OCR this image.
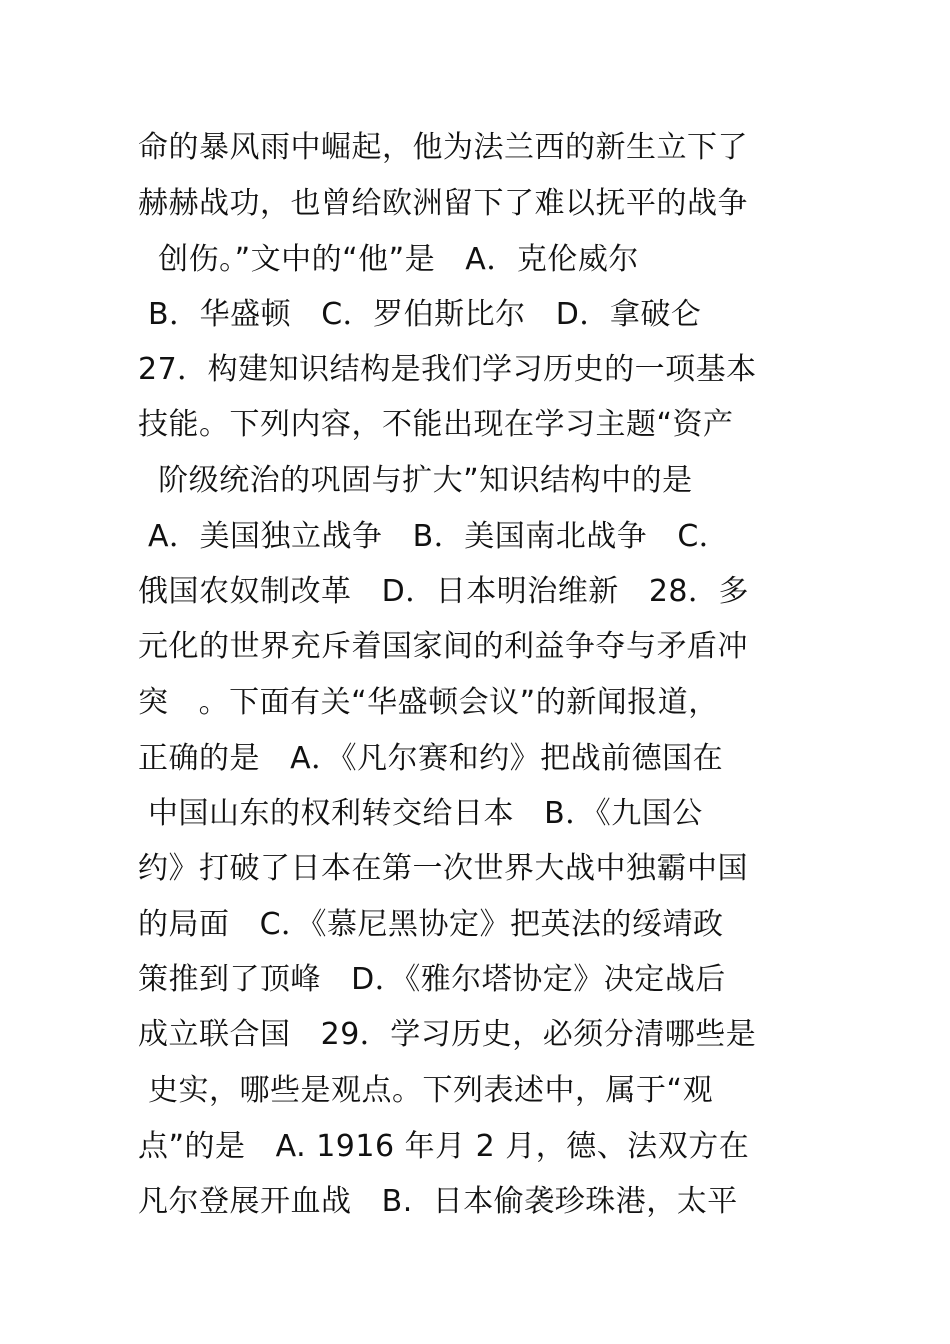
命的暴风雨中崛起，他为法兰西的新生立下了
赫赫战功，也曾给欧洲留下了难以抚平的战争
创伤。”文中的“他”是   A．克伦威尔
B．华盛顿   C．罗伯斯比尔   D．拿破仑
27．构建知识结构是我们学习历史的一项基本
技能。下列内容，不能出现在学习主题“资产
阶级统治的巩固与扩大”知识结构中的是
A．美国独立战争   B．美国南北战争   C．
俄国农奴制改革   D．日本明治维新   28．多
元化的世界充斥着国家间的利益争夺与矛盾冲
突   。下面有关“华盛顿会议”的新闻报道，
正确的是   A．《凡尔赛和约》把战前德国在
中国山东的权利转交给日本   B．《九国公
约》打破了日本在第一次世界大战中独霸中国
的局面   C．《慕尼黑协定》把英法的绥靖政
策推到了顶峰   D．《雅尔塔协定》决定战后
成立联合国   29．学习历史，必须分清哪些是
史实，哪些是观点。下列表述中，属于“观
点”的是   A. 1916 年月 2 月，德、法双方在
凡尔登展开血战   B.  日本偷袭珍珠港，太平
